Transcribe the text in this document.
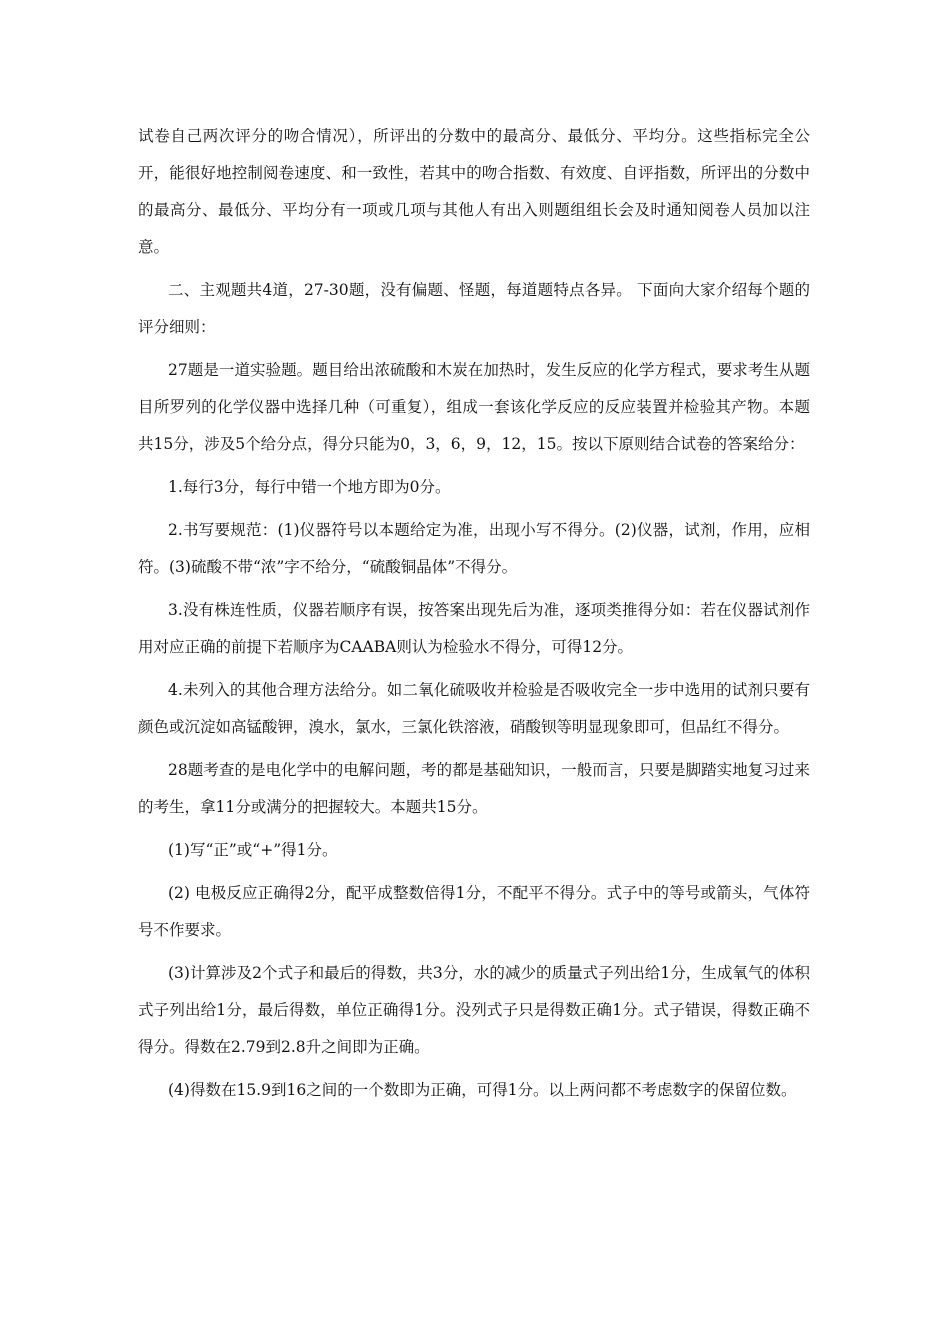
试卷自己两次评分的吻合情况），所评出的分数中的最高分、最低分、平均分。这些指标完全公开，能很好地控制阅卷速度、和一致性，若其中的吻合指数、有效度、自评指数，所评出的分数中的最高分、最低分、平均分有一项或几项与其他人有出入则题组组长会及时通知阅卷人员加以注意。

二、主观题共4道，27-30题，没有偏题、怪题，每道题特点各异。 下面向大家介绍每个题的评分细则：

27题是一道实验题。题目给出浓硫酸和木炭在加热时，发生反应的化学方程式，要求考生从题目所罗列的化学仪器中选择几种（可重复），组成一套该化学反应的反应装置并检验其产物。本题共15分，涉及5个给分点，得分只能为0，3，6，9，12，15。按以下原则结合试卷的答案给分：

1.每行3分，每行中错一个地方即为0分。

2.书写要规范：(1)仪器符号以本题给定为准，出现小写不得分。(2)仪器，试剂，作用，应相符。(3)硫酸不带“浓”字不给分，“硫酸铜晶体”不得分。

3.没有株连性质，仪器若顺序有误，按答案出现先后为准，逐项类推得分如：若在仪器试剂作用对应正确的前提下若顺序为CAABA则认为检验水不得分，可得12分。

4.未列入的其他合理方法给分。如二氧化硫吸收并检验是否吸收完全一步中选用的试剂只要有颜色或沉淀如高锰酸钾，溴水，氯水，三氯化铁溶液，硝酸钡等明显现象即可，但品红不得分。

28题考查的是电化学中的电解问题，考的都是基础知识，一般而言，只要是脚踏实地复习过来的考生，拿11分或满分的把握较大。本题共15分。

(1)写“正”或“+”得1分。

(2) 电极反应正确得2分，配平成整数倍得1分，不配平不得分。式子中的等号或箭头，气体符号不作要求。

(3)计算涉及2个式子和最后的得数，共3分，水的减少的质量式子列出给1分，生成氧气的体积式子列出给1分，最后得数，单位正确得1分。没列式子只是得数正确1分。式子错误，得数正确不得分。得数在2.79到2.8升之间即为正确。

(4)得数在15.9到16之间的一个数即为正确，可得1分。以上两问都不考虑数字的保留位数。
